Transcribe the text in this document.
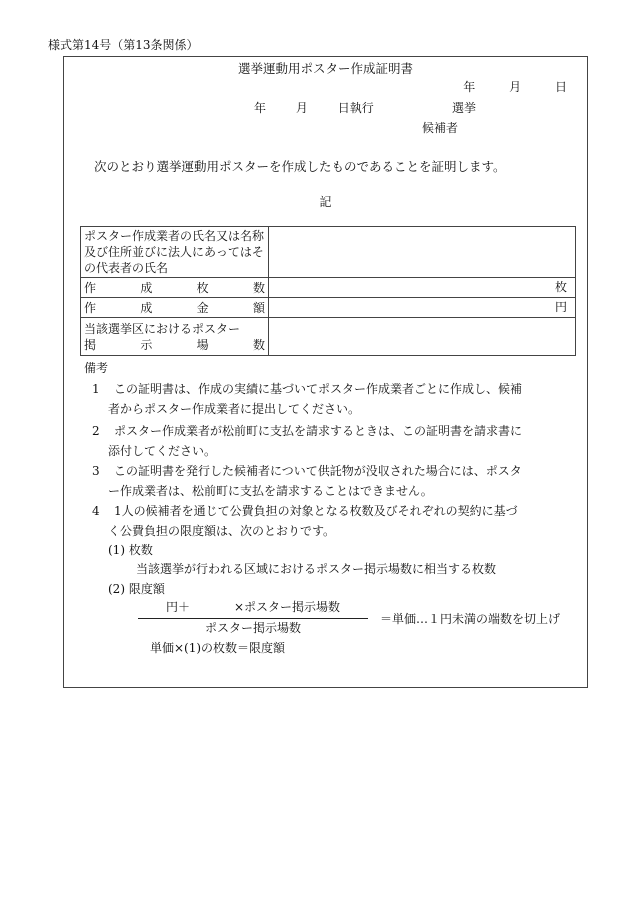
様式第14号（第13条関係）
選挙運動用ポスター作成証明書
年	月	日
年 月 日執行	選挙
候補者
次のとおり選挙運動用ポスターを作成したものであることを証明します。
記
ポスター作成業者の氏名又は名称及び住所並びに法人にあってはその代表者の氏名	

作 成 枚 数	枚

作 成 金 額	円

当該選挙区におけるポスター
掲 示 場 数	

備考
1 この証明書は、作成の実績に基づいてポスター作成業者ごとに作成し、候補
者からポスター作成業者に提出してください。
2 ポスター作成業者が松前町に支払を請求するときは、この証明書を請求書に
添付してください。
3 この証明書を発行した候補者について供託物が没収された場合には、ポスタ
ー作成業者は、松前町に支払を請求することはできません。
4 1人の候補者を通じて公費負担の対象となる枚数及びそれぞれの契約に基づ
く公費負担の限度額は、次のとおりです。
(1) 枚数
当該選挙が行われる区域におけるポスター掲示場数に相当する枚数
(2) 限度額
円＋	×ポスター掲示場数
ポスター掲示場数
＝単価…１円未満の端数を切上げ
単価×(1)の枚数＝限度額
